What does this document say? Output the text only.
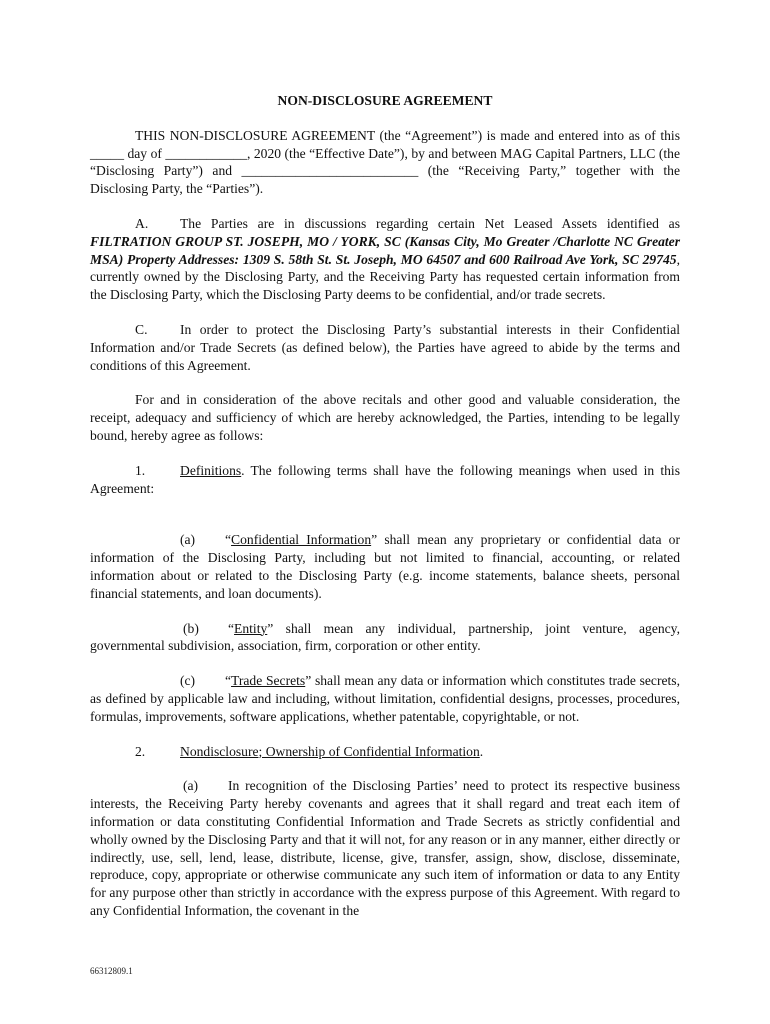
NON-DISCLOSURE AGREEMENT

THIS NON-DISCLOSURE AGREEMENT (the “Agreement”) is made and entered into as of this _____ day of ____________, 2020 (the “Effective Date”), by and between MAG Capital Partners, LLC (the “Disclosing Party”) and __________________________ (the “Receiving Party,” together with the Disclosing Party, the “Parties”).

A. The Parties are in discussions regarding certain Net Leased Assets identified as FILTRATION GROUP ST. JOSEPH, MO / YORK, SC (Kansas City, Mo Greater /Charlotte NC Greater MSA) Property Addresses: 1309 S. 58th St. St. Joseph, MO 64507 and 600 Railroad Ave York, SC 29745, currently owned by the Disclosing Party, and the Receiving Party has requested certain information from the Disclosing Party, which the Disclosing Party deems to be confidential, and/or trade secrets.

C. In order to protect the Disclosing Party’s substantial interests in their Confidential Information and/or Trade Secrets (as defined below), the Parties have agreed to abide by the terms and conditions of this Agreement.

For and in consideration of the above recitals and other good and valuable consideration, the receipt, adequacy and sufficiency of which are hereby acknowledged, the Parties, intending to be legally bound, hereby agree as follows:

1.	Definitions. The following terms shall have the following meanings when used in this Agreement:

(a) “Confidential Information” shall mean any proprietary or confidential data or information of the Disclosing Party, including but not limited to financial, accounting, or related information about or related to the Disclosing Party (e.g. income statements, balance sheets, personal financial statements, and loan documents).

(b) “Entity” shall mean any individual, partnership, joint venture, agency, governmental subdivision, association, firm, corporation or other entity.

(c) “Trade Secrets” shall mean any data or information which constitutes trade secrets, as defined by applicable law and including, without limitation, confidential designs, processes, procedures, formulas, improvements, software applications, whether patentable, copyrightable, or not.

2.	Nondisclosure; Ownership of Confidential Information.

(a) In recognition of the Disclosing Parties’ need to protect its respective business interests, the Receiving Party hereby covenants and agrees that it shall regard and treat each item of information or data constituting Confidential Information and Trade Secrets as strictly confidential and wholly owned by the Disclosing Party and that it will not, for any reason or in any manner, either directly or indirectly, use, sell, lend, lease, distribute, license, give, transfer, assign, show, disclose, disseminate, reproduce, copy, appropriate or otherwise communicate any such item of information or data to any Entity for any purpose other than strictly in accordance with the express purpose of this Agreement. With regard to any Confidential Information, the covenant in the

66312809.1
